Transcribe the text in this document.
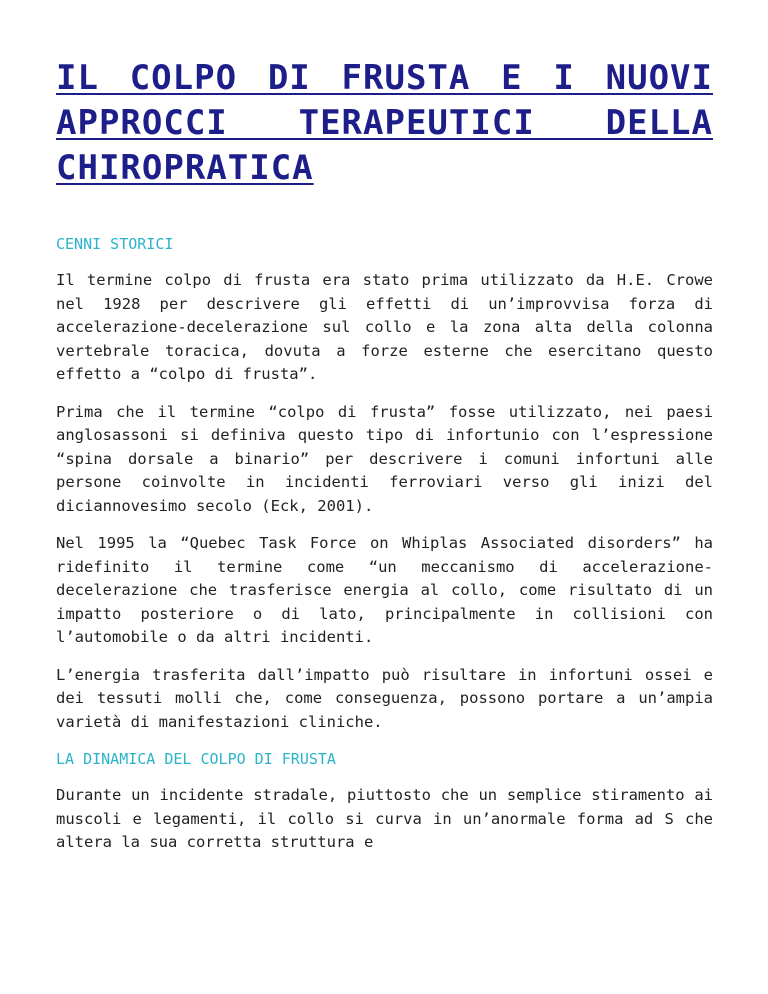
IL COLPO DI FRUSTA E I NUOVI APPROCCI TERAPEUTICI DELLA CHIROPRATICA
CENNI STORICI

Il termine colpo di frusta era stato prima utilizzato da H.E. Crowe nel 1928 per descrivere gli effetti di un’improvvisa forza di accelerazione-decelerazione sul collo e la zona alta della colonna vertebrale toracica, dovuta a forze esterne che esercitano questo effetto a “colpo di frusta”.

Prima che il termine “colpo di frusta” fosse utilizzato, nei paesi anglosassoni si definiva questo tipo di infortunio con l’espressione “spina dorsale a binario” per descrivere i comuni infortuni alle persone coinvolte in incidenti ferroviari verso gli inizi del diciannovesimo secolo (Eck, 2001).

Nel 1995 la “Quebec Task Force on Whiplas Associated disorders” ha ridefinito il termine come “un meccanismo di accelerazione-decelerazione che trasferisce energia al collo, come risultato di un impatto posteriore o di lato, principalmente in collisioni con l’automobile o da altri incidenti.

L’energia trasferita dall’impatto può risultare in infortuni ossei e dei tessuti molli che, come conseguenza, possono portare a un’ampia varietà di manifestazioni cliniche.

LA DINAMICA DEL COLPO DI FRUSTA

Durante un incidente stradale, piuttosto che un semplice stiramento ai muscoli e legamenti, il collo si curva in un’anormale forma ad S che altera la sua corretta struttura e
